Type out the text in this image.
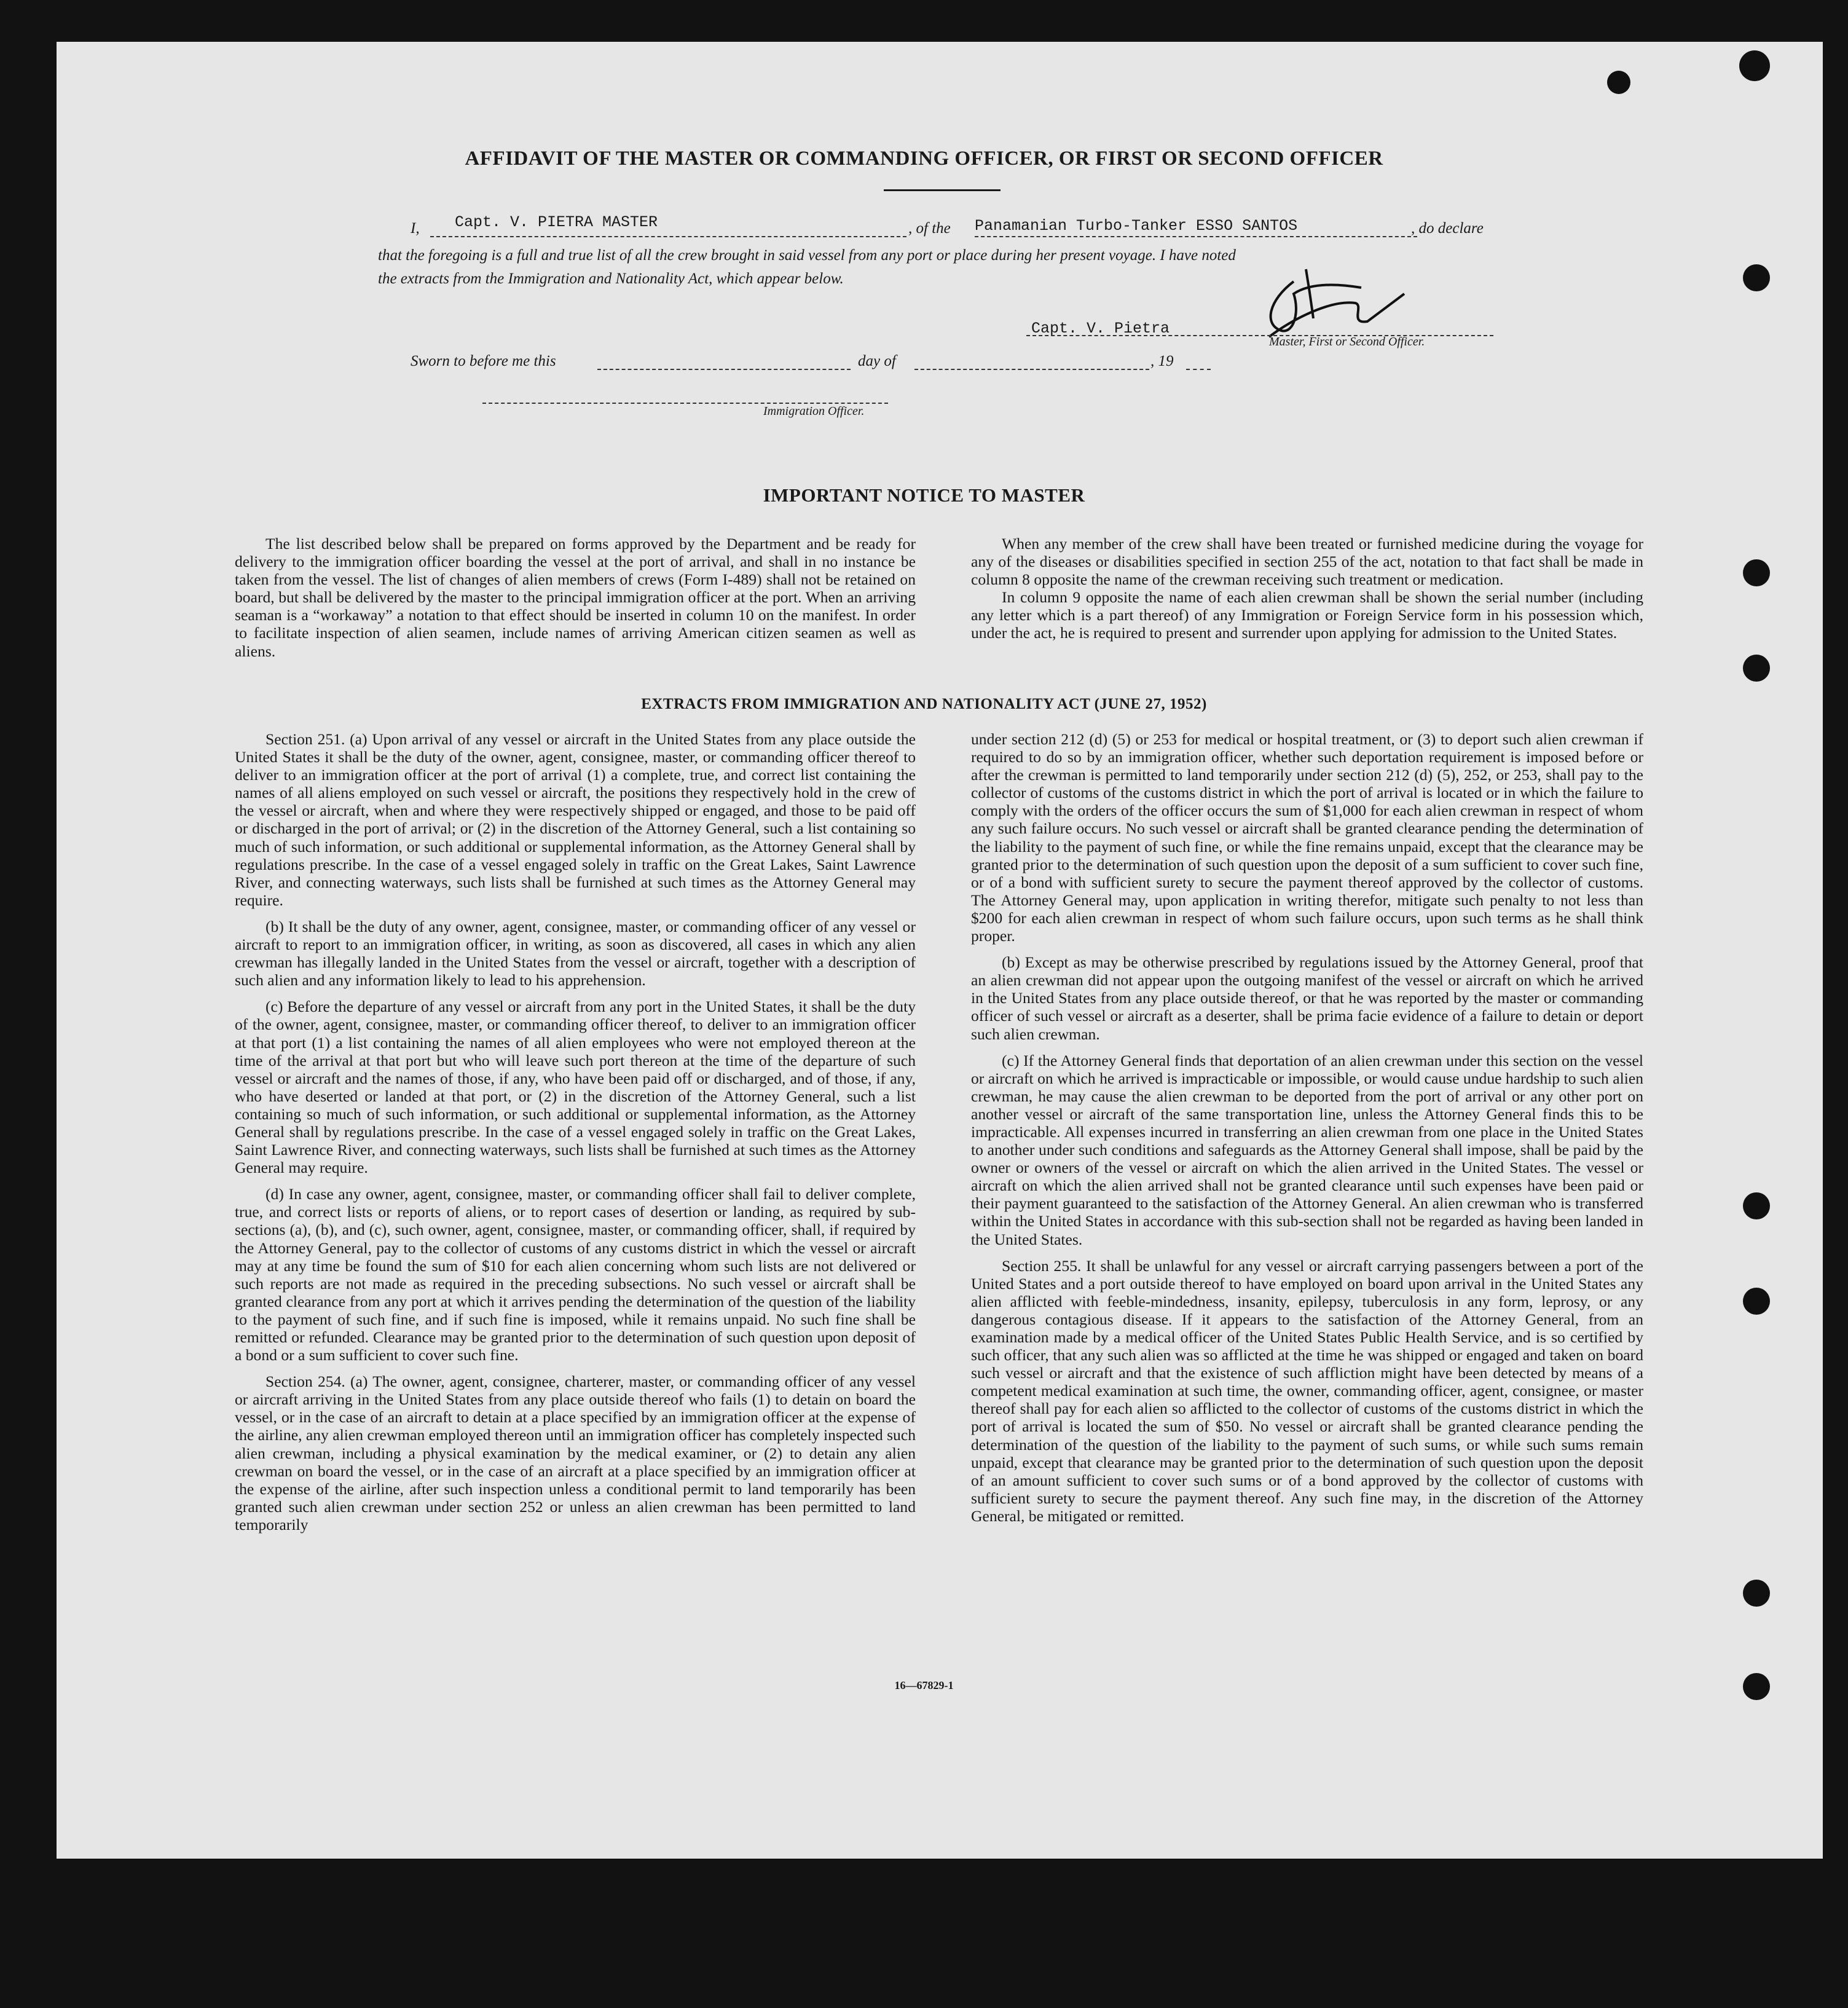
AFFIDAVIT OF THE MASTER OR COMMANDING OFFICER, OR FIRST OR SECOND OFFICER
I, Capt. V. PIETRA MASTER	, of the Panamanian Turbo-Tanker ESSO SANTOS	, do declare
that the foregoing is a full and true list of all the crew brought in said vessel from any port or place during her present voyage. I have noted
the extracts from the Immigration and Nationality Act, which appear below.
Capt. V. Pietra
Master, First or Second Officer.
Sworn to before me this	day of	, 19
Immigration Officer.
IMPORTANT NOTICE TO MASTER

The list described below shall be prepared on forms approved by the Department and be ready for delivery to the immigration officer boarding the vessel at the port of arrival, and shall in no instance be taken from the vessel. The list of changes of alien members of crews (Form I-489) shall not be retained on board, but shall be delivered by the master to the principal immigration officer at the port. When an arriving seaman is a “workaway” a notation to that effect should be inserted in column 10 on the manifest. In order to facilitate inspection of alien seamen, include names of arriving American citizen seamen as well as aliens.

When any member of the crew shall have been treated or furnished medicine during the voyage for any of the diseases or disabilities specified in section 255 of the act, notation to that fact shall be made in column 8 opposite the name of the crewman receiving such treatment or medication.

In column 9 opposite the name of each alien crewman shall be shown the serial number (including any letter which is a part thereof) of any Immigration or Foreign Service form in his possession which, under the act, he is required to present and surrender upon applying for admission to the United States.

EXTRACTS FROM IMMIGRATION AND NATIONALITY ACT (JUNE 27, 1952)

Section 251. (a) Upon arrival of any vessel or aircraft in the United States from any place outside the United States it shall be the duty of the owner, agent, consignee, master, or commanding officer thereof to deliver to an immigration officer at the port of arrival (1) a complete, true, and correct list containing the names of all aliens employed on such vessel or aircraft, the positions they respectively hold in the crew of the vessel or aircraft, when and where they were respectively shipped or engaged, and those to be paid off or discharged in the port of arrival; or (2) in the discretion of the Attorney General, such a list containing so much of such information, or such additional or supplemental information, as the Attorney General shall by regulations prescribe. In the case of a vessel engaged solely in traffic on the Great Lakes, Saint Lawrence River, and connecting waterways, such lists shall be furnished at such times as the Attorney General may require.

(b) It shall be the duty of any owner, agent, consignee, master, or commanding officer of any vessel or aircraft to report to an immigration officer, in writing, as soon as discovered, all cases in which any alien crewman has illegally landed in the United States from the vessel or aircraft, together with a description of such alien and any information likely to lead to his apprehension.

(c) Before the departure of any vessel or aircraft from any port in the United States, it shall be the duty of the owner, agent, consignee, master, or commanding officer thereof, to deliver to an immigration officer at that port (1) a list containing the names of all alien employees who were not employed thereon at the time of the arrival at that port but who will leave such port thereon at the time of the departure of such vessel or aircraft and the names of those, if any, who have been paid off or discharged, and of those, if any, who have deserted or landed at that port, or (2) in the discretion of the Attorney General, such a list containing so much of such information, or such additional or supplemental information, as the Attorney General shall by regulations prescribe. In the case of a vessel engaged solely in traffic on the Great Lakes, Saint Lawrence River, and connecting waterways, such lists shall be furnished at such times as the Attorney General may require.

(d) In case any owner, agent, consignee, master, or commanding officer shall fail to deliver complete, true, and correct lists or reports of aliens, or to report cases of desertion or landing, as required by sub-sections (a), (b), and (c), such owner, agent, consignee, master, or commanding officer, shall, if required by the Attorney General, pay to the collector of customs of any customs district in which the vessel or aircraft may at any time be found the sum of $10 for each alien concerning whom such lists are not delivered or such reports are not made as required in the preceding subsections. No such vessel or aircraft shall be granted clearance from any port at which it arrives pending the determination of the question of the liability to the payment of such fine, and if such fine is imposed, while it remains unpaid. No such fine shall be remitted or refunded. Clearance may be granted prior to the determination of such question upon deposit of a bond or a sum sufficient to cover such fine.

Section 254. (a) The owner, agent, consignee, charterer, master, or commanding officer of any vessel or aircraft arriving in the United States from any place outside thereof who fails (1) to detain on board the vessel, or in the case of an aircraft to detain at a place specified by an immigration officer at the expense of the airline, any alien crewman employed thereon until an immigration officer has completely inspected such alien crewman, including a physical examination by the medical examiner, or (2) to detain any alien crewman on board the vessel, or in the case of an aircraft at a place specified by an immigration officer at the expense of the airline, after such inspection unless a conditional permit to land temporarily has been granted such alien crewman under section 252 or unless an alien crewman has been permitted to land temporarily

under section 212 (d) (5) or 253 for medical or hospital treatment, or (3) to deport such alien crewman if required to do so by an immigration officer, whether such deportation requirement is imposed before or after the crewman is permitted to land temporarily under section 212 (d) (5), 252, or 253, shall pay to the collector of customs of the customs district in which the port of arrival is located or in which the failure to comply with the orders of the officer occurs the sum of $1,000 for each alien crewman in respect of whom any such failure occurs. No such vessel or aircraft shall be granted clearance pending the determination of the liability to the payment of such fine, or while the fine remains unpaid, except that the clearance may be granted prior to the determination of such question upon the deposit of a sum sufficient to cover such fine, or of a bond with sufficient surety to secure the payment thereof approved by the collector of customs. The Attorney General may, upon application in writing therefor, mitigate such penalty to not less than $200 for each alien crewman in respect of whom such failure occurs, upon such terms as he shall think proper.

(b) Except as may be otherwise prescribed by regulations issued by the Attorney General, proof that an alien crewman did not appear upon the outgoing manifest of the vessel or aircraft on which he arrived in the United States from any place outside thereof, or that he was reported by the master or commanding officer of such vessel or aircraft as a deserter, shall be prima facie evidence of a failure to detain or deport such alien crewman.

(c) If the Attorney General finds that deportation of an alien crewman under this section on the vessel or aircraft on which he arrived is impracticable or impossible, or would cause undue hardship to such alien crewman, he may cause the alien crewman to be deported from the port of arrival or any other port on another vessel or aircraft of the same transportation line, unless the Attorney General finds this to be impracticable. All expenses incurred in transferring an alien crewman from one place in the United States to another under such conditions and safeguards as the Attorney General shall impose, shall be paid by the owner or owners of the vessel or aircraft on which the alien arrived in the United States. The vessel or aircraft on which the alien arrived shall not be granted clearance until such expenses have been paid or their payment guaranteed to the satisfaction of the Attorney General. An alien crewman who is transferred within the United States in accordance with this sub-section shall not be regarded as having been landed in the United States.

Section 255. It shall be unlawful for any vessel or aircraft carrying passengers between a port of the United States and a port outside thereof to have employed on board upon arrival in the United States any alien afflicted with feeble-mindedness, insanity, epilepsy, tuberculosis in any form, leprosy, or any dangerous contagious disease. If it appears to the satisfaction of the Attorney General, from an examination made by a medical officer of the United States Public Health Service, and is so certified by such officer, that any such alien was so afflicted at the time he was shipped or engaged and taken on board such vessel or aircraft and that the existence of such affliction might have been detected by means of a competent medical examination at such time, the owner, commanding officer, agent, consignee, or master thereof shall pay for each alien so afflicted to the collector of customs of the customs district in which the port of arrival is located the sum of $50. No vessel or aircraft shall be granted clearance pending the determination of the question of the liability to the payment of such sums, or while such sums remain unpaid, except that clearance may be granted prior to the determination of such question upon the deposit of an amount sufficient to cover such sums or of a bond approved by the collector of customs with sufficient surety to secure the payment thereof. Any such fine may, in the discretion of the Attorney General, be mitigated or remitted.

16—67829-1
